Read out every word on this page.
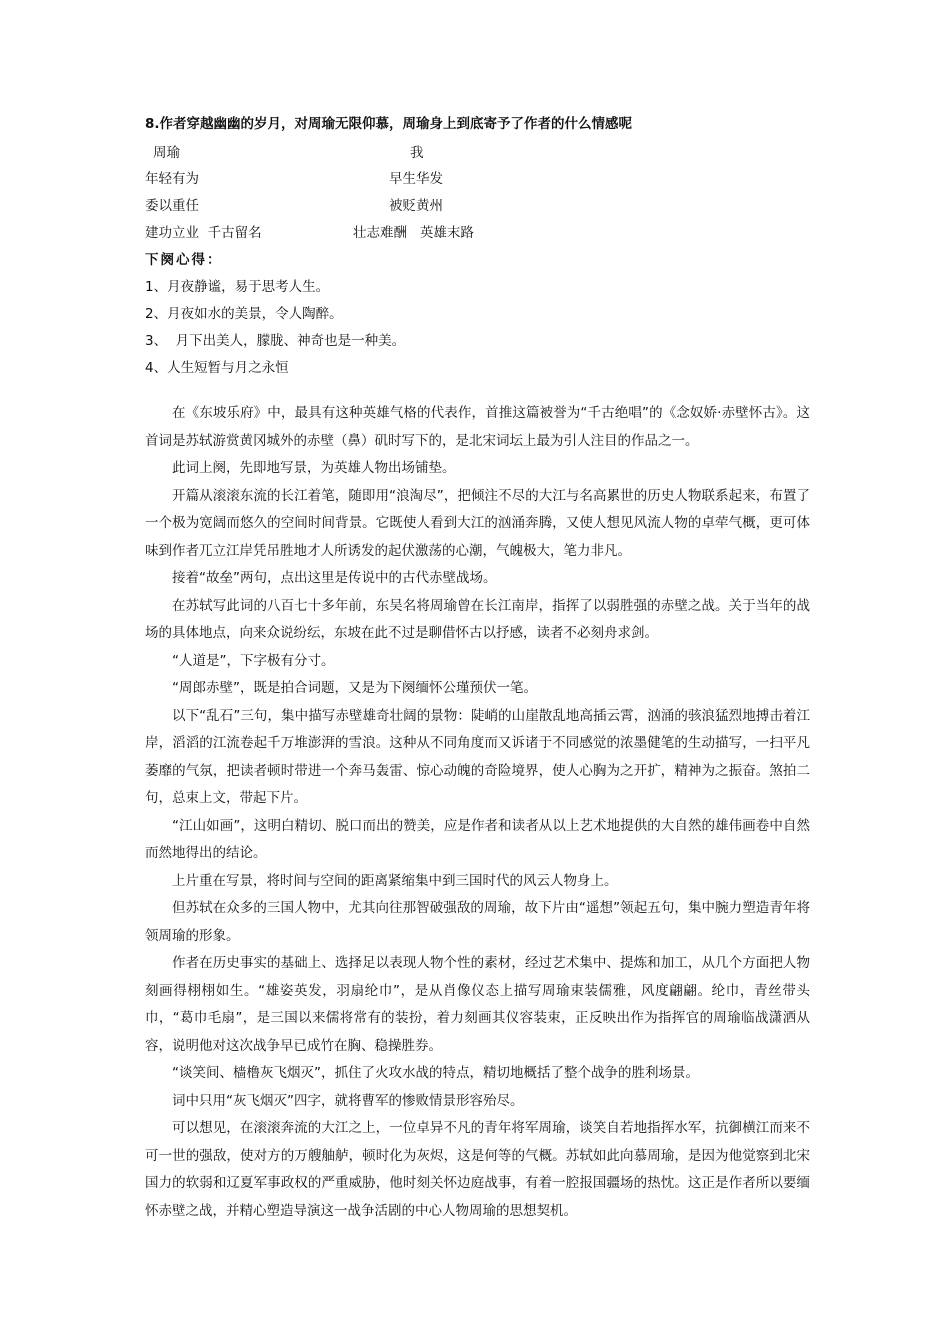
8.作者穿越幽幽的岁月，对周瑜无限仰慕，周瑜身上到底寄予了作者的什么情感呢
周瑜	我
年轻有为	早生华发
委以重任	被贬黄州
建功立业  千古留名	壮志难酬   英雄末路
下阕心得：
1、月夜静谧，易于思考人生。
2、月夜如水的美景，令人陶醉。
3、  月下出美人，朦胧、神奇也是一种美。
4、人生短暂与月之永恒

在《东坡乐府》中，最具有这种英雄气格的代表作，首推这篇被誉为“千古绝唱”的《念奴娇·赤壁怀古》。这首词是苏轼游赏黄冈城外的赤壁（鼻）矶时写下的，是北宋词坛上最为引人注目的作品之一。

此词上阕，先即地写景，为英雄人物出场铺垫。

开篇从滚滚东流的长江着笔，随即用“浪淘尽”，把倾注不尽的大江与名高累世的历史人物联系起来，布置了一个极为宽阔而悠久的空间时间背景。它既使人看到大江的汹涌奔腾，又使人想见风流人物的卓荦气概，更可体味到作者兀立江岸凭吊胜地才人所诱发的起伏激荡的心潮，气魄极大，笔力非凡。

接着“故垒”两句，点出这里是传说中的古代赤壁战场。

在苏轼写此词的八百七十多年前，东吴名将周瑜曾在长江南岸，指挥了以弱胜强的赤壁之战。关于当年的战场的具体地点，向来众说纷纭，东坡在此不过是聊借怀古以抒感，读者不必刻舟求剑。

“人道是”，下字极有分寸。

“周郎赤壁”，既是拍合词题，又是为下阕缅怀公瑾预伏一笔。

以下“乱石”三句，集中描写赤壁雄奇壮阔的景物：陡峭的山崖散乱地高插云霄，汹涌的骇浪猛烈地搏击着江岸，滔滔的江流卷起千万堆澎湃的雪浪。这种从不同角度而又诉诸于不同感觉的浓墨健笔的生动描写，一扫平凡萎靡的气氛，把读者顿时带进一个奔马轰雷、惊心动魄的奇险境界，使人心胸为之开扩，精神为之振奋。煞拍二句，总束上文，带起下片。

“江山如画”，这明白精切、脱口而出的赞美，应是作者和读者从以上艺术地提供的大自然的雄伟画卷中自然而然地得出的结论。

上片重在写景，将时间与空间的距离紧缩集中到三国时代的风云人物身上。

但苏轼在众多的三国人物中，尤其向往那智破强敌的周瑜，故下片由“遥想”领起五句，集中腕力塑造青年将领周瑜的形象。

作者在历史事实的基础上、选择足以表现人物个性的素材，经过艺术集中、提炼和加工，从几个方面把人物刻画得栩栩如生。“雄姿英发，羽扇纶巾”，是从肖像仪态上描写周瑜束装儒雅，风度翩翩。纶巾，青丝带头巾，“葛巾毛扇”，是三国以来儒将常有的装扮，着力刻画其仪容装束，正反映出作为指挥官的周瑜临战潇洒从容，说明他对这次战争早已成竹在胸、稳操胜券。

“谈笑间、樯橹灰飞烟灭”，抓住了火攻水战的特点，精切地概括了整个战争的胜利场景。

词中只用“灰飞烟灭”四字，就将曹军的惨败情景形容殆尽。

可以想见，在滚滚奔流的大江之上，一位卓异不凡的青年将军周瑜，谈笑自若地指挥水军，抗御横江而来不可一世的强敌，使对方的万艘舳舻，顿时化为灰烬，这是何等的气概。苏轼如此向慕周瑜，是因为他觉察到北宋国力的软弱和辽夏军事政权的严重威胁，他时刻关怀边庭战事，有着一腔报国疆场的热忱。这正是作者所以要缅怀赤壁之战，并精心塑造导演这一战争活剧的中心人物周瑜的思想契机。
